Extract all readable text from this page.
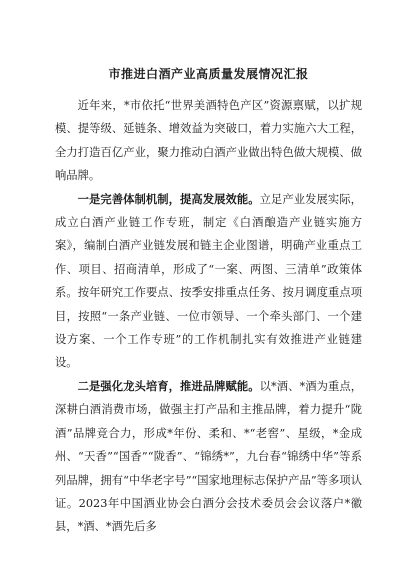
市推进白酒产业高质量发展情况汇报

近年来，*市依托“世界美酒特色产区”资源禀赋，以扩规模、提等级、延链条、增效益为突破口，着力实施六大工程，全力打造百亿产业，聚力推动白酒产业做出特色做大规模、做响品牌。

一是完善体制机制，提高发展效能。立足产业发展实际，成立白酒产业链工作专班，制定《白酒酿造产业链实施方案》，编制白酒产业链发展和链主企业图谱，明确产业重点工作、项目、招商清单，形成了“一案、两图、三清单”政策体系。按年研究工作要点、按季安排重点任务、按月调度重点项目，按照“一条产业链、一位市领导、一个牵头部门、一个建设方案、一个工作专班”的工作机制扎实有效推进产业链建设。

二是强化龙头培育，推进品牌赋能。以*酒、*酒为重点，深耕白酒消费市场，做强主打产品和主推品牌，着力提升“陇酒”品牌竞合力，形成*年份、柔和、*“老窖”、星级，*金成州、“天香”“国香”“陇香”、“锦绣*”，九台春“锦绣中华”等系列品牌，拥有“中华老字号”“国家地理标志保护产品”等多项认证。2023年中国酒业协会白酒分会技术委员会会议落户*徽县，*酒、*酒先后多
